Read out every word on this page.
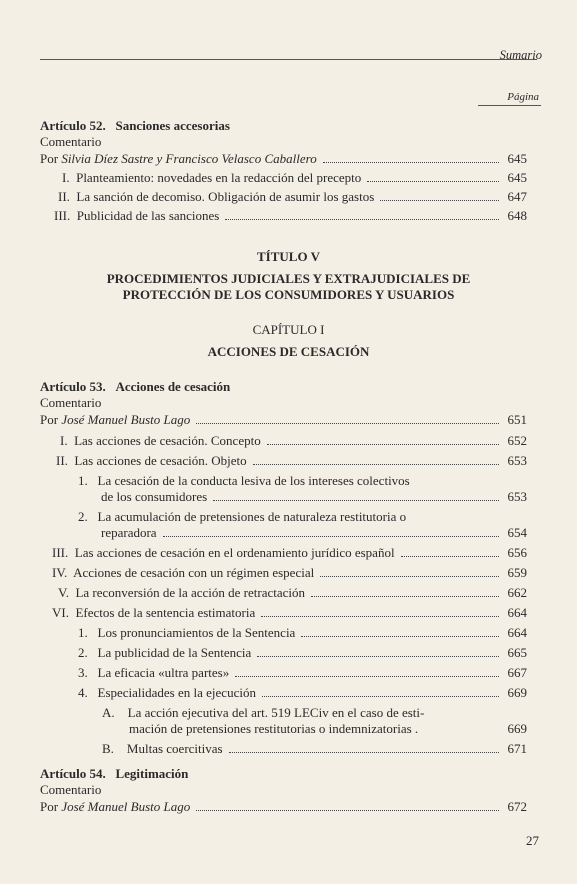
Sumario
Página
Artículo 52. Sanciones accesorias
Comentario
Por Silvia Díez Sastre y Francisco Velasco Caballero	645
I. Planteamiento: novedades en la redacción del precepto	645
II. La sanción de decomiso. Obligación de asumir los gastos	647
III. Publicidad de las sanciones	648
TÍTULO V
PROCEDIMIENTOS JUDICIALES Y EXTRAJUDICIALES DE
PROTECCIÓN DE LOS CONSUMIDORES Y USUARIOS
CAPÍTULO I
ACCIONES DE CESACIÓN
Artículo 53. Acciones de cesación
Comentario
Por José Manuel Busto Lago	651
I. Las acciones de cesación. Concepto	652
II. Las acciones de cesación. Objeto	653
1. La cesación de la conducta lesiva de los intereses colectivos
de los consumidores	653
2. La acumulación de pretensiones de naturaleza restitutoria o
reparadora	654
III. Las acciones de cesación en el ordenamiento jurídico español	656
IV. Acciones de cesación con un régimen especial	659
V. La reconversión de la acción de retractación	662
VI. Efectos de la sentencia estimatoria	664
1. Los pronunciamientos de la Sentencia	664
2. La publicidad de la Sentencia	665
3. La eficacia «ultra partes»	667
4. Especialidades en la ejecución	669
A. La acción ejecutiva del art. 519 LECiv en el caso de esti-
mación de pretensiones restitutorias o indemnizatorias .	669
B. Multas coercitivas	671
Artículo 54. Legitimación
Comentario
Por José Manuel Busto Lago	672
27
